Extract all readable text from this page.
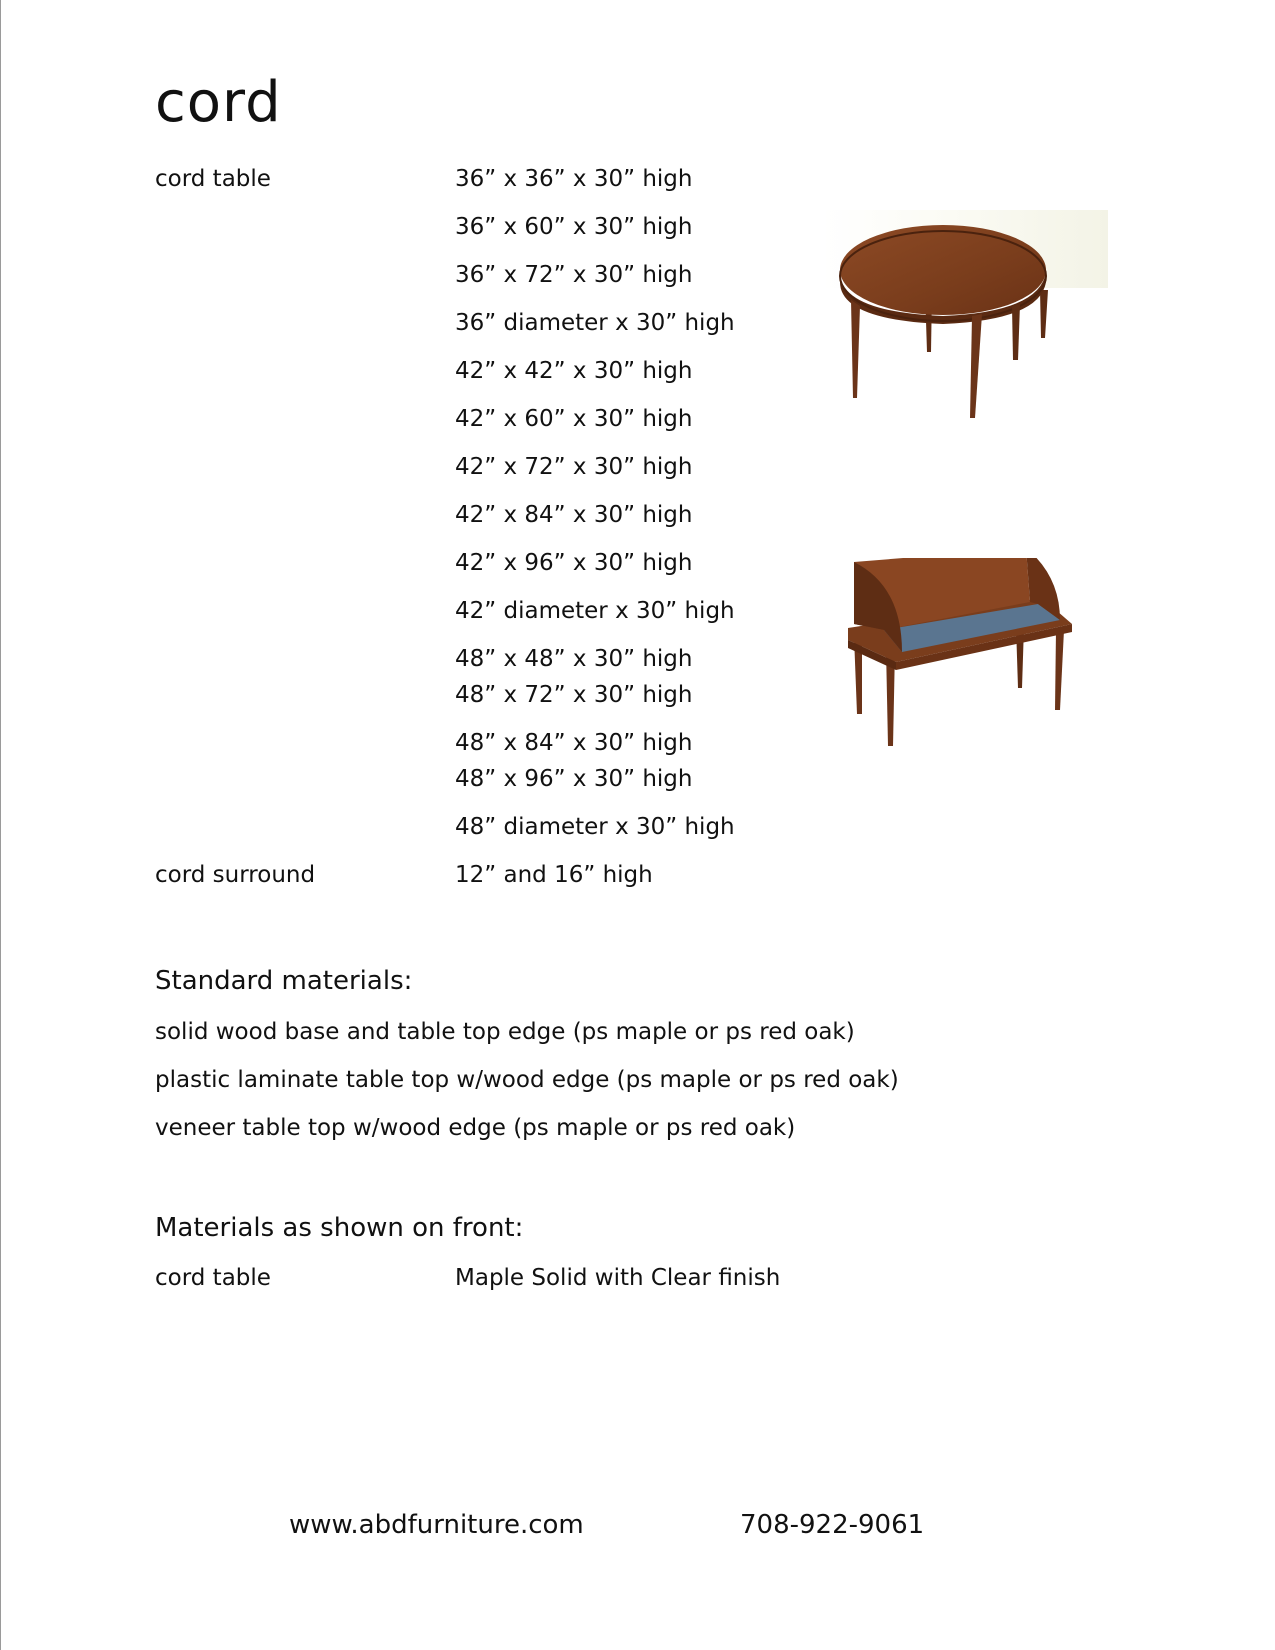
cord
cord table	36” x 36” x 30” high
36” x 60” x 30” high
36” x 72” x 30” high
36” diameter x 30” high
42” x 42” x 30” high
42” x 60” x 30” high
42” x 72” x 30” high
42” x 84” x 30” high
42” x 96” x 30” high
42” diameter x 30” high
48” x 48” x 30” high
48” x 72” x 30” high
48” x 84” x 30” high
48” x 96” x 30” high
48” diameter x 30” high
cord surround	12” and 16” high
Standard materials:
solid wood base and table top edge (ps maple or ps red oak)
plastic laminate table top w/wood edge (ps maple or ps red oak)
veneer table top w/wood edge (ps maple or ps red oak)
Materials as shown on front:
cord table	Maple Solid with Clear finish
www.abdfurniture.com	708-922-9061
